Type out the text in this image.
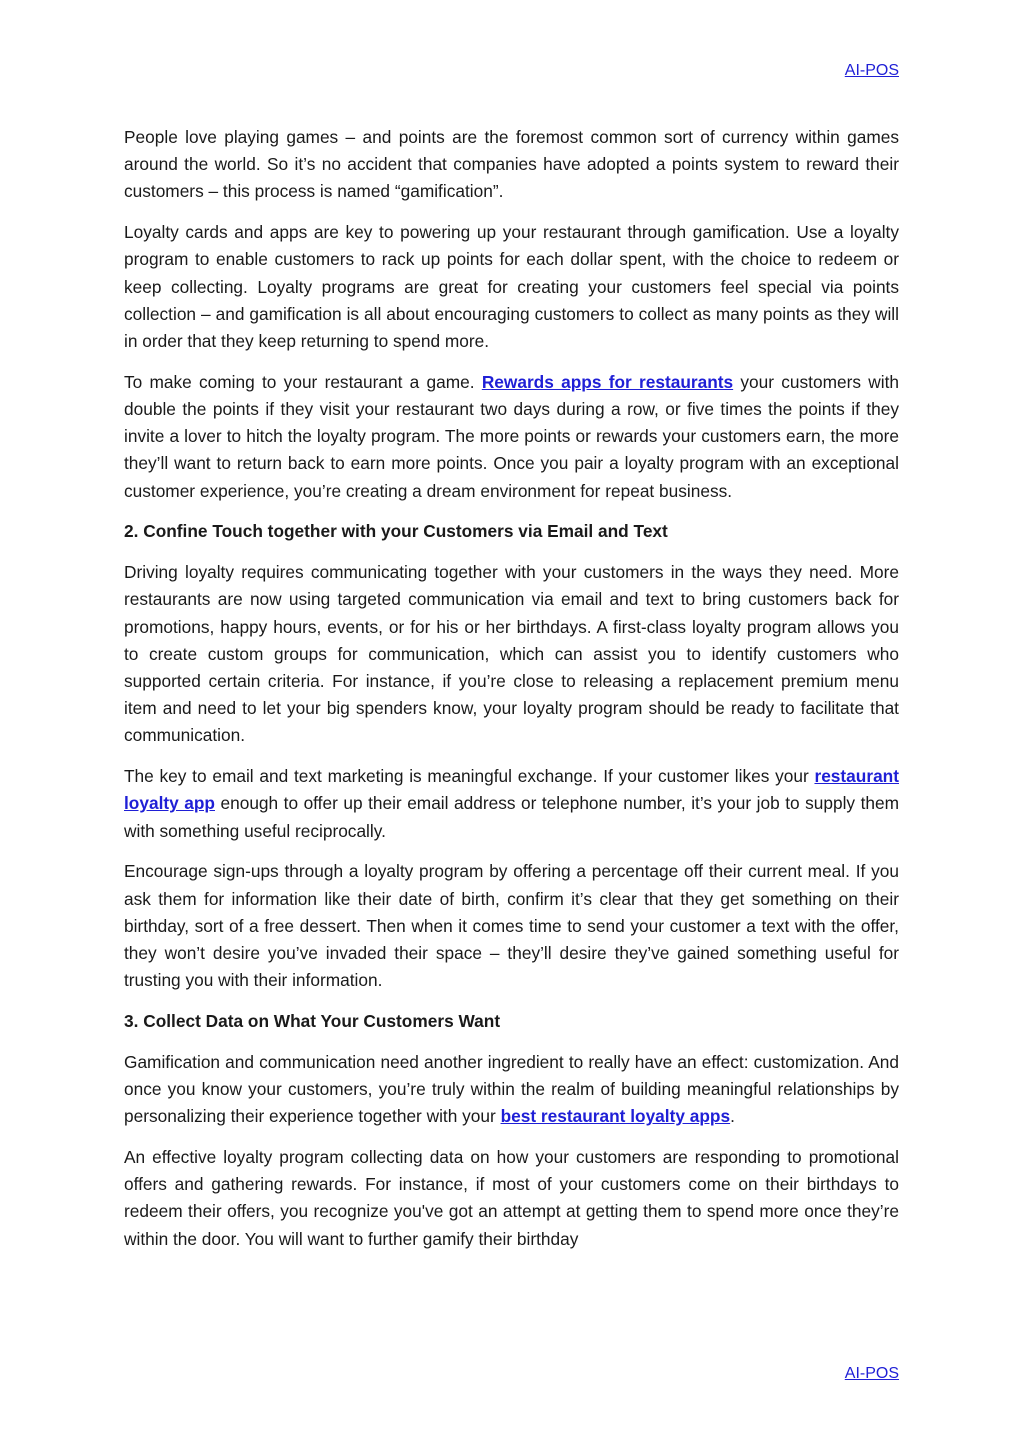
AI-POS

People love playing games – and points are the foremost common sort of currency within games around the world. So it’s no accident that companies have adopted a points system to reward their customers – this process is named “gamification”.

Loyalty cards and apps are key to powering up your restaurant through gamification. Use a loyalty program to enable customers to rack up points for each dollar spent, with the choice to redeem or keep collecting. Loyalty programs are great for creating your customers feel special via points collection – and gamification is all about encouraging customers to collect as many points as they will in order that they keep returning to spend more.

To make coming to your restaurant a game. Rewards apps for restaurants your customers with double the points if they visit your restaurant two days during a row, or five times the points if they invite a lover to hitch the loyalty program. The more points or rewards your customers earn, the more they’ll want to return back to earn more points. Once you pair a loyalty program with an exceptional customer experience, you’re creating a dream environment for repeat business.

2. Confine Touch together with your Customers via Email and Text

Driving loyalty requires communicating together with your customers in the ways they need. More restaurants are now using targeted communication via email and text to bring customers back for promotions, happy hours, events, or for his or her birthdays. A first-class loyalty program allows you to create custom groups for communication, which can assist you to identify customers who supported certain criteria. For instance, if you’re close to releasing a replacement premium menu item and need to let your big spenders know, your loyalty program should be ready to facilitate that communication.

The key to email and text marketing is meaningful exchange. If your customer likes your restaurant loyalty app enough to offer up their email address or telephone number, it’s your job to supply them with something useful reciprocally.

Encourage sign-ups through a loyalty program by offering a percentage off their current meal. If you ask them for information like their date of birth, confirm it’s clear that they get something on their birthday, sort of a free dessert. Then when it comes time to send your customer a text with the offer, they won’t desire you’ve invaded their space – they’ll desire they’ve gained something useful for trusting you with their information.

3. Collect Data on What Your Customers Want

Gamification and communication need another ingredient to really have an effect: customization. And once you know your customers, you’re truly within the realm of building meaningful relationships by personalizing their experience together with your best restaurant loyalty apps.

An effective loyalty program collecting data on how your customers are responding to promotional offers and gathering rewards. For instance, if most of your customers come on their birthdays to redeem their offers, you recognize you've got an attempt at getting them to spend more once they’re within the door. You will want to further gamify their birthday

AI-POS
